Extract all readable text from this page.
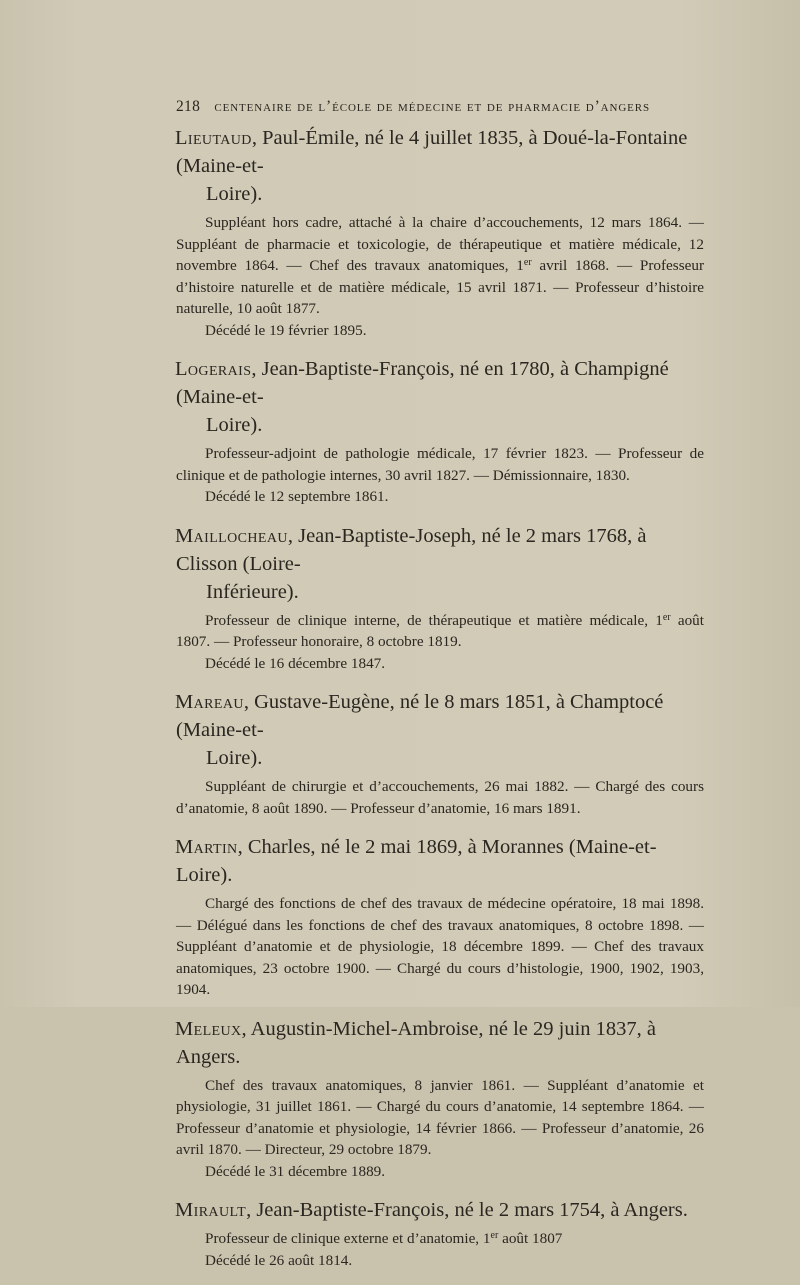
218 centenaire de l’école de médecine et de pharmacie d’angers

Lieutaud, Paul-Émile, né le 4 juillet 1835, à Doué-la-Fontaine (Maine-et-
Loire).

Suppléant hors cadre, attaché à la chaire d’accouchements, 12 mars 1864. — Suppléant de pharmacie et toxicologie, de thérapeutique et matière médicale, 12 novembre 1864. — Chef des travaux anatomiques, 1er avril 1868. — Professeur d’histoire naturelle et de matière médicale, 15 avril 1871. — Professeur d’histoire naturelle, 10 août 1877.

Décédé le 19 février 1895.

Logerais, Jean-Baptiste-François, né en 1780, à Champigné (Maine-et-
Loire).

Professeur-adjoint de pathologie médicale, 17 février 1823. — Professeur de clinique et de pathologie internes, 30 avril 1827. — Démissionnaire, 1830.

Décédé le 12 septembre 1861.

Maillocheau, Jean-Baptiste-Joseph, né le 2 mars 1768, à Clisson (Loire-
Inférieure).

Professeur de clinique interne, de thérapeutique et matière médicale, 1er août 1807. — Professeur honoraire, 8 octobre 1819.

Décédé le 16 décembre 1847.

Mareau, Gustave-Eugène, né le 8 mars 1851, à Champtocé (Maine-et-
Loire).

Suppléant de chirurgie et d’accouchements, 26 mai 1882. — Chargé des cours d’anatomie, 8 août 1890. — Professeur d’anatomie, 16 mars 1891.

Martin, Charles, né le 2 mai 1869, à Morannes (Maine-et-Loire).

Chargé des fonctions de chef des travaux de médecine opératoire, 18 mai 1898. — Délégué dans les fonctions de chef des travaux anatomiques, 8 octobre 1898. — Suppléant d’anatomie et de physiologie, 18 décembre 1899. — Chef des travaux anatomiques, 23 octobre 1900. — Chargé du cours d’histologie, 1900, 1902, 1903, 1904.

Meleux, Augustin-Michel-Ambroise, né le 29 juin 1837, à Angers.

Chef des travaux anatomiques, 8 janvier 1861. — Suppléant d’anatomie et physiologie, 31 juillet 1861. — Chargé du cours d’anatomie, 14 septembre 1864. — Professeur d’anatomie et physiologie, 14 février 1866. — Professeur d’anatomie, 26 avril 1870. — Directeur, 29 octobre 1879.

Décédé le 31 décembre 1889.

Mirault, Jean-Baptiste-François, né le 2 mars 1754, à Angers.

Professeur de clinique externe et d’anatomie, 1er août 1807

Décédé le 26 août 1814.
